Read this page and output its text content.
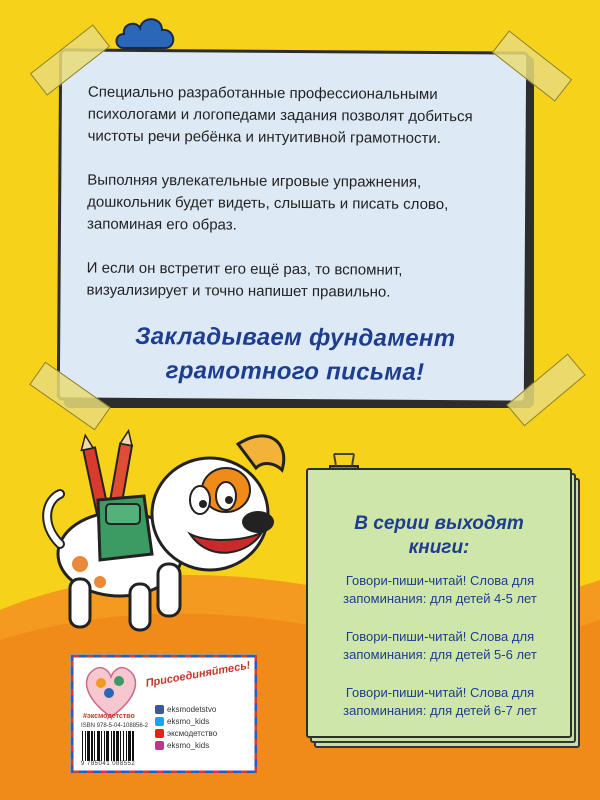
Специально разработанные профессиональными психологами и логопедами задания позволят добиться чистоты речи ребёнка и интуитивной грамотности.

Выполняя увлекательные игровые упражнения, дошкольник будет видеть, слышать и писать слово, запоминая его образ.

И если он встретит его ещё раз, то вспомнит, визуализирует и точно напишет правильно.

Закладываем фундамент
грамотного письма!
В серии выходят
книги:
Говори-пиши-читай! Слова для
запоминания: для детей 4-5 лет
Говори-пиши-читай! Слова для
запоминания: для детей 5-6 лет
Говори-пиши-читай! Слова для
запоминания: для детей 6-7 лет
#эксмодетство
Присоединяйтесь!
eksmodetstvo
eksmo_kids
эксмодетство
eksmo_kids
ISBN 978-5-04-108856-2
9 785041 088552
